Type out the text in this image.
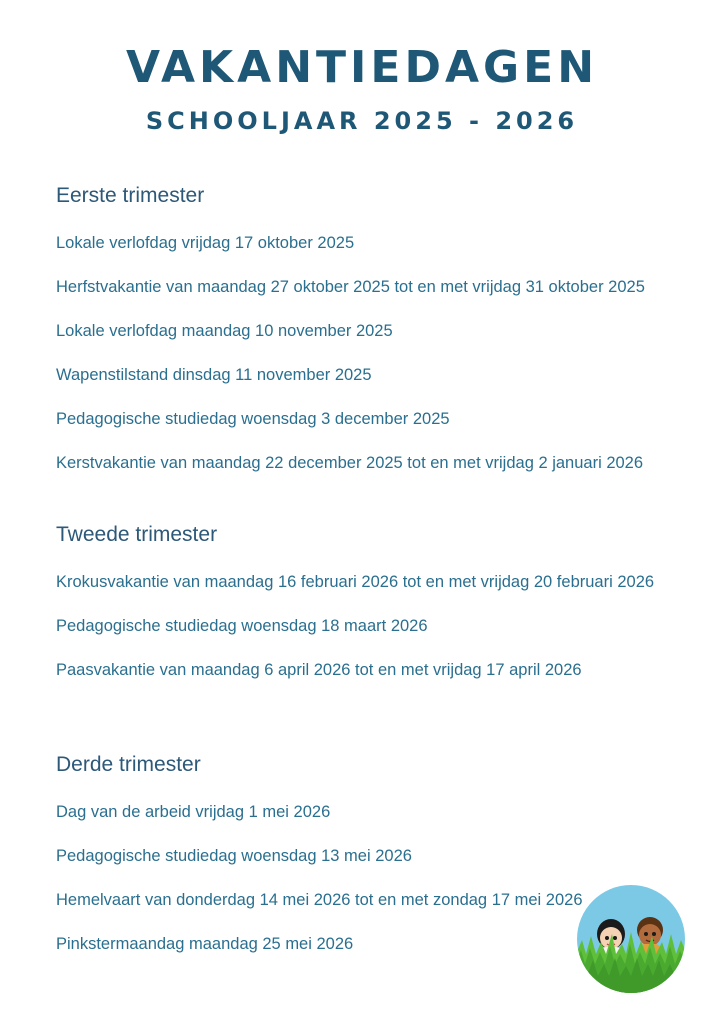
VAKANTIEDAGEN
SCHOOLJAAR 2025 - 2026
Eerste trimester
Lokale verlofdag vrijdag 17 oktober 2025
Herfstvakantie van maandag 27 oktober 2025 tot en met vrijdag 31 oktober 2025
Lokale verlofdag maandag 10 november 2025
Wapenstilstand dinsdag 11 november 2025
Pedagogische studiedag woensdag 3 december 2025
Kerstvakantie van maandag 22 december 2025 tot en met vrijdag 2 januari 2026
Tweede trimester
Krokusvakantie van maandag 16 februari 2026 tot en met vrijdag 20 februari 2026
Pedagogische studiedag woensdag 18 maart 2026
Paasvakantie van maandag 6 april 2026 tot en met vrijdag 17 april 2026
Derde trimester
Dag van de arbeid vrijdag 1 mei 2026
Pedagogische studiedag woensdag 13 mei 2026
Hemelvaart van donderdag 14 mei 2026 tot en met zondag 17 mei 2026
Pinkstermaandag maandag 25 mei 2026
